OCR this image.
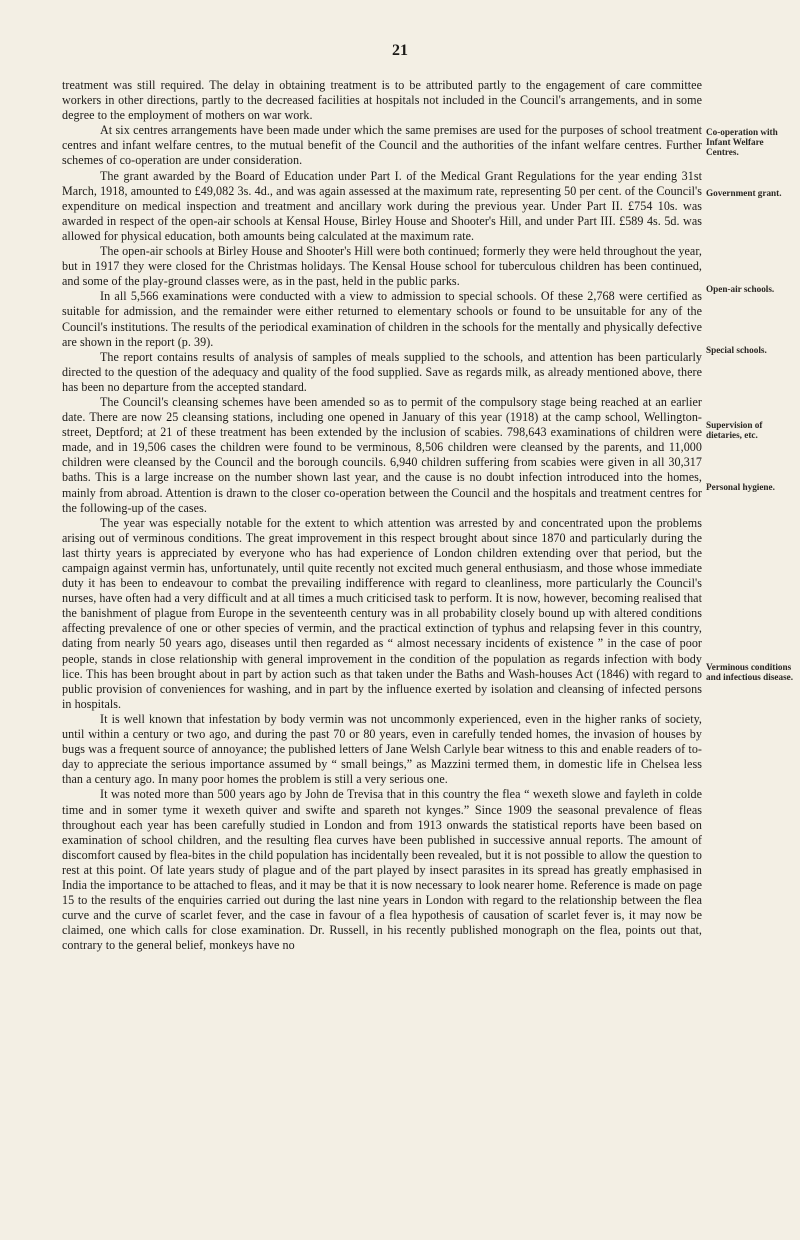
21

treatment was still required. The delay in obtaining treatment is to be attributed partly to the engagement of care committee workers in other directions, partly to the decreased facilities at hospitals not included in the Council's arrangements, and in some degree to the employment of mothers on war work.

At six centres arrangements have been made under which the same premises are used for the purposes of school treatment centres and infant welfare centres, to the mutual benefit of the Council and the authorities of the infant welfare centres. Further schemes of co-operation are under consideration.

The grant awarded by the Board of Education under Part I. of the Medical Grant Regulations for the year ending 31st March, 1918, amounted to £49,082 3s. 4d., and was again assessed at the maximum rate, representing 50 per cent. of the Council's expenditure on medical inspection and treatment and ancillary work during the previous year. Under Part II. £754 10s. was awarded in respect of the open-air schools at Kensal House, Birley House and Shooter's Hill, and under Part III. £589 4s. 5d. was allowed for physical education, both amounts being calculated at the maximum rate.

The open-air schools at Birley House and Shooter's Hill were both continued; formerly they were held throughout the year, but in 1917 they were closed for the Christmas holidays. The Kensal House school for tuberculous children has been continued, and some of the play-ground classes were, as in the past, held in the public parks.

In all 5,566 examinations were conducted with a view to admission to special schools. Of these 2,768 were certified as suitable for admission, and the remainder were either returned to elementary schools or found to be unsuitable for any of the Council's institutions. The results of the periodical examination of children in the schools for the mentally and physically defective are shown in the report (p. 39).

The report contains results of analysis of samples of meals supplied to the schools, and attention has been particularly directed to the question of the adequacy and quality of the food supplied. Save as regards milk, as already mentioned above, there has been no departure from the accepted standard.

The Council's cleansing schemes have been amended so as to permit of the compulsory stage being reached at an earlier date. There are now 25 cleansing stations, including one opened in January of this year (1918) at the camp school, Wellington-street, Deptford; at 21 of these treatment has been extended by the inclusion of scabies. 798,643 examinations of children were made, and in 19,506 cases the children were found to be verminous, 8,506 children were cleansed by the parents, and 11,000 children were cleansed by the Council and the borough councils. 6,940 children suffering from scabies were given in all 30,317 baths. This is a large increase on the number shown last year, and the cause is no doubt infection introduced into the homes, mainly from abroad. Attention is drawn to the closer co-operation between the Council and the hospitals and treatment centres for the following-up of the cases.

The year was especially notable for the extent to which attention was arrested by and concentrated upon the problems arising out of verminous conditions. The great improvement in this respect brought about since 1870 and particularly during the last thirty years is appreciated by everyone who has had experience of London children extending over that period, but the campaign against vermin has, unfortunately, until quite recently not excited much general enthusiasm, and those whose immediate duty it has been to endeavour to combat the prevailing indifference with regard to cleanliness, more particularly the Council's nurses, have often had a very difficult and at all times a much criticised task to perform. It is now, however, becoming realised that the banishment of plague from Europe in the seventeenth century was in all probability closely bound up with altered conditions affecting prevalence of one or other species of vermin, and the practical extinction of typhus and relapsing fever in this country, dating from nearly 50 years ago, diseases until then regarded as “ almost necessary incidents of existence ” in the case of poor people, stands in close relationship with general improvement in the condition of the population as regards infection with body lice. This has been brought about in part by action such as that taken under the Baths and Wash-houses Act (1846) with regard to public provision of conveniences for washing, and in part by the influence exerted by isolation and cleansing of infected persons in hospitals.

It is well known that infestation by body vermin was not uncommonly experienced, even in the higher ranks of society, until within a century or two ago, and during the past 70 or 80 years, even in carefully tended homes, the invasion of houses by bugs was a frequent source of annoyance; the published letters of Jane Welsh Carlyle bear witness to this and enable readers of to-day to appreciate the serious importance assumed by “ small beings,” as Mazzini termed them, in domestic life in Chelsea less than a century ago. In many poor homes the problem is still a very serious one.

It was noted more than 500 years ago by John de Trevisa that in this country the flea “ wexeth slowe and fayleth in colde time and in somer tyme it wexeth quiver and swifte and spareth not kynges.” Since 1909 the seasonal prevalence of fleas throughout each year has been carefully studied in London and from 1913 onwards the statistical reports have been based on examination of school children, and the resulting flea curves have been published in successive annual reports. The amount of discomfort caused by flea-bites in the child population has incidentally been revealed, but it is not possible to allow the question to rest at this point. Of late years study of plague and of the part played by insect parasites in its spread has greatly emphasised in India the importance to be attached to fleas, and it may be that it is now necessary to look nearer home. Reference is made on page 15 to the results of the enquiries carried out during the last nine years in London with regard to the relationship between the flea curve and the curve of scarlet fever, and the case in favour of a flea hypothesis of causation of scarlet fever is, it may now be claimed, one which calls for close examination. Dr. Russell, in his recently published monograph on the flea, points out that, contrary to the general belief, monkeys have no

Co-operation with Infant Welfare Centres.
Government grant.
Open-air schools.
Special schools.
Supervision of dietaries, etc.
Personal hygiene.
Verminous conditions and infectious disease.
